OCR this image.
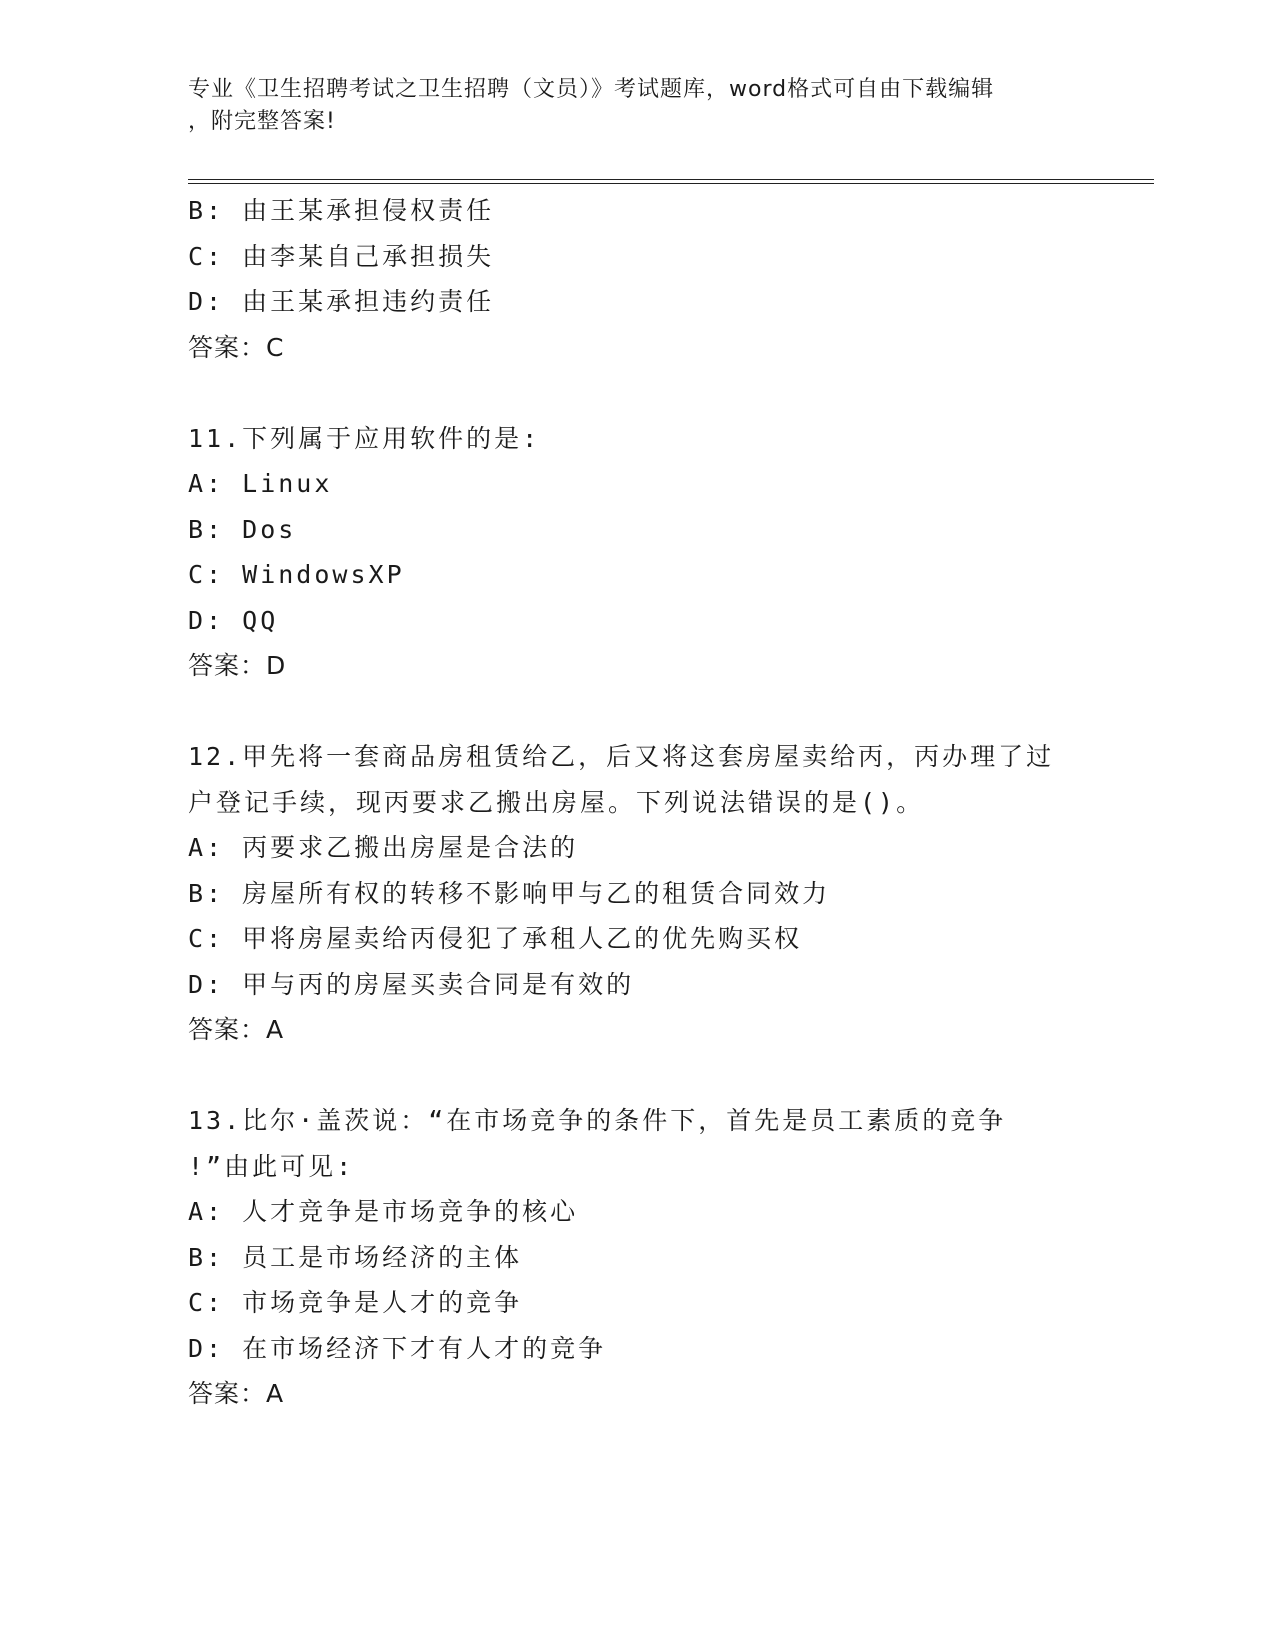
专业《卫生招聘考试之卫生招聘（文员）》考试题库，word格式可自由下载编辑
，附完整答案!
B: 由王某承担侵权责任
C: 由李某自己承担损失
D: 由王某承担违约责任
答案：C
11.下列属于应用软件的是:
A: Linux
B: Dos
C: WindowsXP
D: QQ
答案：D
12.甲先将一套商品房租赁给乙，后又将这套房屋卖给丙，丙办理了过
户登记手续，现丙要求乙搬出房屋。下列说法错误的是()。
A: 丙要求乙搬出房屋是合法的
B: 房屋所有权的转移不影响甲与乙的租赁合同效力
C: 甲将房屋卖给丙侵犯了承租人乙的优先购买权
D: 甲与丙的房屋买卖合同是有效的
答案：A
13.比尔·盖茨说：“在市场竞争的条件下，首先是员工素质的竞争
!”由此可见:
A: 人才竞争是市场竞争的核心
B: 员工是市场经济的主体
C: 市场竞争是人才的竞争
D: 在市场经济下才有人才的竞争
答案：A
